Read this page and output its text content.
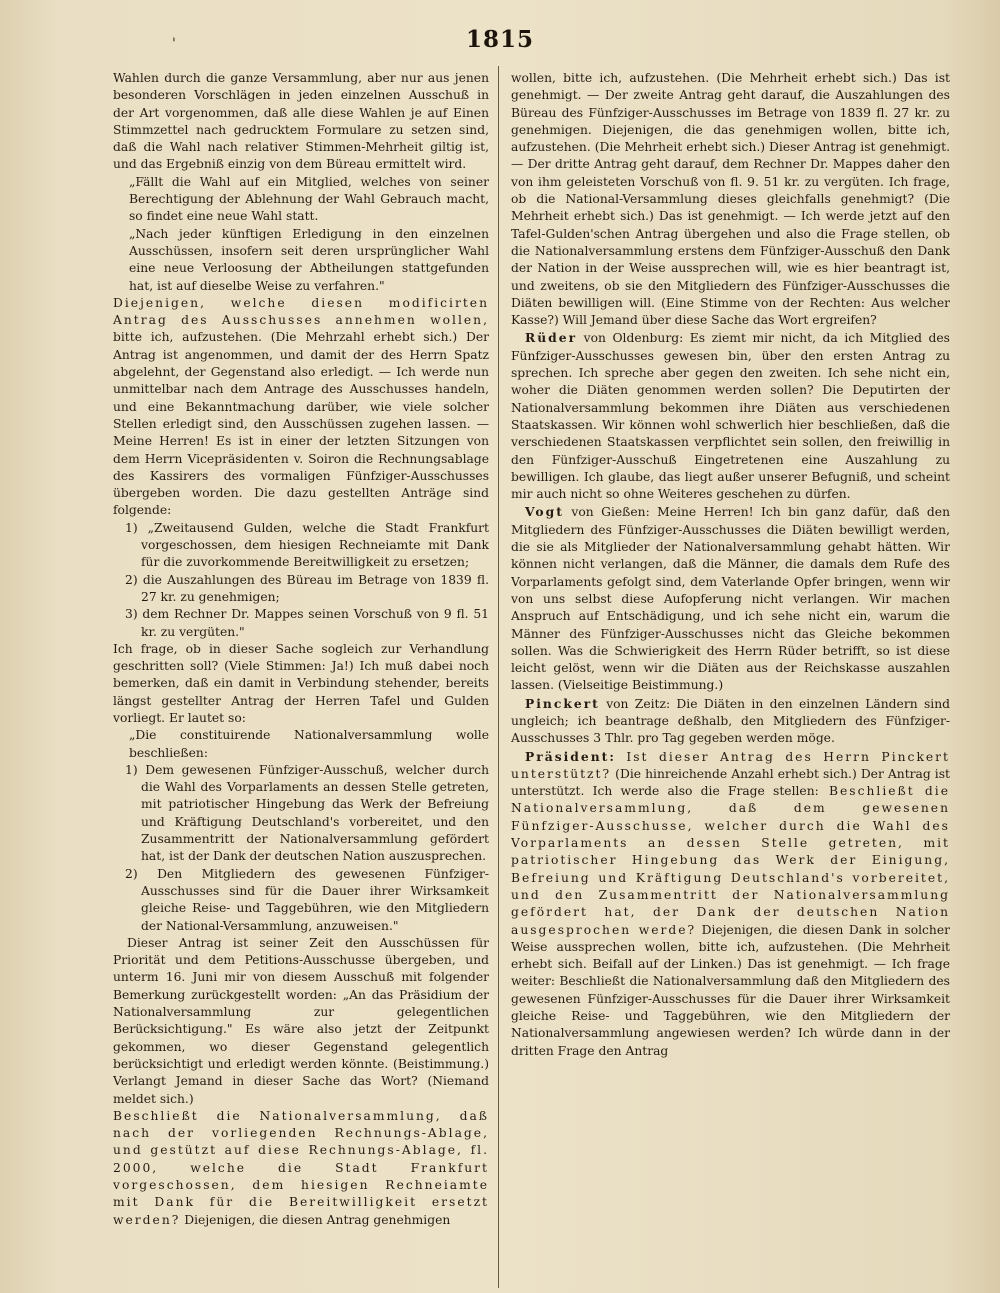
'	1815

Wahlen durch die ganze Versammlung, aber nur aus jenen besonderen Vorschlägen in jeden einzelnen Ausschuß in der Art vorgenommen, daß alle diese Wahlen je auf Einen Stimmzettel nach gedrucktem Formulare zu setzen sind, daß die Wahl nach relativer Stimmen-Mehrheit giltig ist, und das Ergebniß einzig von dem Büreau ermittelt wird.

„Fällt die Wahl auf ein Mitglied, welches von seiner Berechtigung der Ablehnung der Wahl Gebrauch macht, so findet eine neue Wahl statt.

„Nach jeder künftigen Erledigung in den einzelnen Ausschüssen, insofern seit deren ursprünglicher Wahl eine neue Verloosung der Abtheilungen stattgefunden hat, ist auf dieselbe Weise zu verfahren."

Diejenigen, welche diesen modificirten Antrag des Ausschusses annehmen wollen, bitte ich, aufzustehen. (Die Mehrzahl erhebt sich.) Der Antrag ist angenommen, und damit der des Herrn Spatz abgelehnt, der Gegenstand also erledigt. — Ich werde nun unmittelbar nach dem Antrage des Ausschusses handeln, und eine Bekanntmachung darüber, wie viele solcher Stellen erledigt sind, den Ausschüssen zugehen lassen. — Meine Herren! Es ist in einer der letzten Sitzungen von dem Herrn Vicepräsidenten v. Soiron die Rechnungsablage des Kassirers des vormaligen Fünfziger-Ausschusses übergeben worden. Die dazu gestellten Anträge sind folgende:

1) „Zweitausend Gulden, welche die Stadt Frankfurt vorgeschossen, dem hiesigen Rechneiamte mit Dank für die zuvorkommende Bereitwilligkeit zu ersetzen;

2) die Auszahlungen des Büreau im Betrage von 1839 fl. 27 kr. zu genehmigen;

3) dem Rechner Dr. Mappes seinen Vorschuß von 9 fl. 51 kr. zu vergüten."

Ich frage, ob in dieser Sache sogleich zur Verhandlung geschritten soll? (Viele Stimmen: Ja!) Ich muß dabei noch bemerken, daß ein damit in Verbindung stehender, bereits längst gestellter Antrag der Herren Tafel und Gulden vorliegt. Er lautet so:

„Die constituirende Nationalversammlung wolle beschließen:

1) Dem gewesenen Fünfziger-Ausschuß, welcher durch die Wahl des Vorparlaments an dessen Stelle getreten, mit patriotischer Hingebung das Werk der Befreiung und Kräftigung Deutschland's vorbereitet, und den Zusammentritt der Nationalversammlung gefördert hat, ist der Dank der deutschen Nation auszusprechen.

2) Den Mitgliedern des gewesenen Fünfziger-Ausschusses sind für die Dauer ihrer Wirksamkeit gleiche Reise- und Taggebühren, wie den Mitgliedern der National-Versammlung, anzuweisen."

Dieser Antrag ist seiner Zeit den Ausschüssen für Priorität und dem Petitions-Ausschusse übergeben, und unterm 16. Juni mir von diesem Ausschuß mit folgender Bemerkung zurückgestellt worden: „An das Präsidium der Nationalversammlung zur gelegentlichen Berücksichtigung." Es wäre also jetzt der Zeitpunkt gekommen, wo dieser Gegenstand gelegentlich berücksichtigt und erledigt werden könnte. (Beistimmung.) Verlangt Jemand in dieser Sache das Wort? (Niemand meldet sich.)

Beschließt die Nationalversammlung, daß nach der vorliegenden Rechnungs-Ablage, und gestützt auf diese Rechnungs-Ablage, fl. 2000, welche die Stadt Frankfurt vorgeschossen, dem hiesigen Rechneiamte mit Dank für die Bereitwilligkeit ersetzt werden? Diejenigen, die diesen Antrag genehmigen

wollen, bitte ich, aufzustehen. (Die Mehrheit erhebt sich.) Das ist genehmigt. — Der zweite Antrag geht darauf, die Auszahlungen des Büreau des Fünfziger-Ausschusses im Betrage von 1839 fl. 27 kr. zu genehmigen. Diejenigen, die das genehmigen wollen, bitte ich, aufzustehen. (Die Mehrheit erhebt sich.) Dieser Antrag ist genehmigt. — Der dritte Antrag geht darauf, dem Rechner Dr. Mappes daher den von ihm geleisteten Vorschuß von fl. 9. 51 kr. zu vergüten. Ich frage, ob die National-Versammlung dieses gleichfalls genehmigt? (Die Mehrheit erhebt sich.) Das ist genehmigt. — Ich werde jetzt auf den Tafel-Gulden'schen Antrag übergehen und also die Frage stellen, ob die Nationalversammlung erstens dem Fünfziger-Ausschuß den Dank der Nation in der Weise aussprechen will, wie es hier beantragt ist, und zweitens, ob sie den Mitgliedern des Fünfziger-Ausschusses die Diäten bewilligen will. (Eine Stimme von der Rechten: Aus welcher Kasse?) Will Jemand über diese Sache das Wort ergreifen?

Rüder von Oldenburg: Es ziemt mir nicht, da ich Mitglied des Fünfziger-Ausschusses gewesen bin, über den ersten Antrag zu sprechen. Ich spreche aber gegen den zweiten. Ich sehe nicht ein, woher die Diäten genommen werden sollen? Die Deputirten der Nationalversammlung bekommen ihre Diäten aus verschiedenen Staatskassen. Wir können wohl schwerlich hier beschließen, daß die verschiedenen Staatskassen verpflichtet sein sollen, den freiwillig in den Fünfziger-Ausschuß Eingetretenen eine Auszahlung zu bewilligen. Ich glaube, das liegt außer unserer Befugniß, und scheint mir auch nicht so ohne Weiteres geschehen zu dürfen.

Vogt von Gießen: Meine Herren! Ich bin ganz dafür, daß den Mitgliedern des Fünfziger-Ausschusses die Diäten bewilligt werden, die sie als Mitglieder der Nationalversammlung gehabt hätten. Wir können nicht verlangen, daß die Männer, die damals dem Rufe des Vorparlaments gefolgt sind, dem Vaterlande Opfer bringen, wenn wir von uns selbst diese Aufopferung nicht verlangen. Wir machen Anspruch auf Entschädigung, und ich sehe nicht ein, warum die Männer des Fünfziger-Ausschusses nicht das Gleiche bekommen sollen. Was die Schwierigkeit des Herrn Rüder betrifft, so ist diese leicht gelöst, wenn wir die Diäten aus der Reichskasse auszahlen lassen. (Vielseitige Beistimmung.)

Pinckert von Zeitz: Die Diäten in den einzelnen Ländern sind ungleich; ich beantrage deßhalb, den Mitgliedern des Fünfziger-Ausschusses 3 Thlr. pro Tag gegeben werden möge.

Präsident: Ist dieser Antrag des Herrn Pinckert unterstützt? (Die hinreichende Anzahl erhebt sich.) Der Antrag ist unterstützt. Ich werde also die Frage stellen: Beschließt die Nationalversammlung, daß dem gewesenen Fünfziger-Ausschusse, welcher durch die Wahl des Vorparlaments an dessen Stelle getreten, mit patriotischer Hingebung das Werk der Einigung, Befreiung und Kräftigung Deutschland's vorbereitet, und den Zusammentritt der Nationalversammlung gefördert hat, der Dank der deutschen Nation ausgesprochen werde? Diejenigen, die diesen Dank in solcher Weise aussprechen wollen, bitte ich, aufzustehen. (Die Mehrheit erhebt sich. Beifall auf der Linken.) Das ist genehmigt. — Ich frage weiter: Beschließt die Nationalversammlung daß den Mitgliedern des gewesenen Fünfziger-Ausschusses für die Dauer ihrer Wirksamkeit gleiche Reise- und Taggebühren, wie den Mitgliedern der Nationalversammlung angewiesen werden? Ich würde dann in der dritten Frage den Antrag
